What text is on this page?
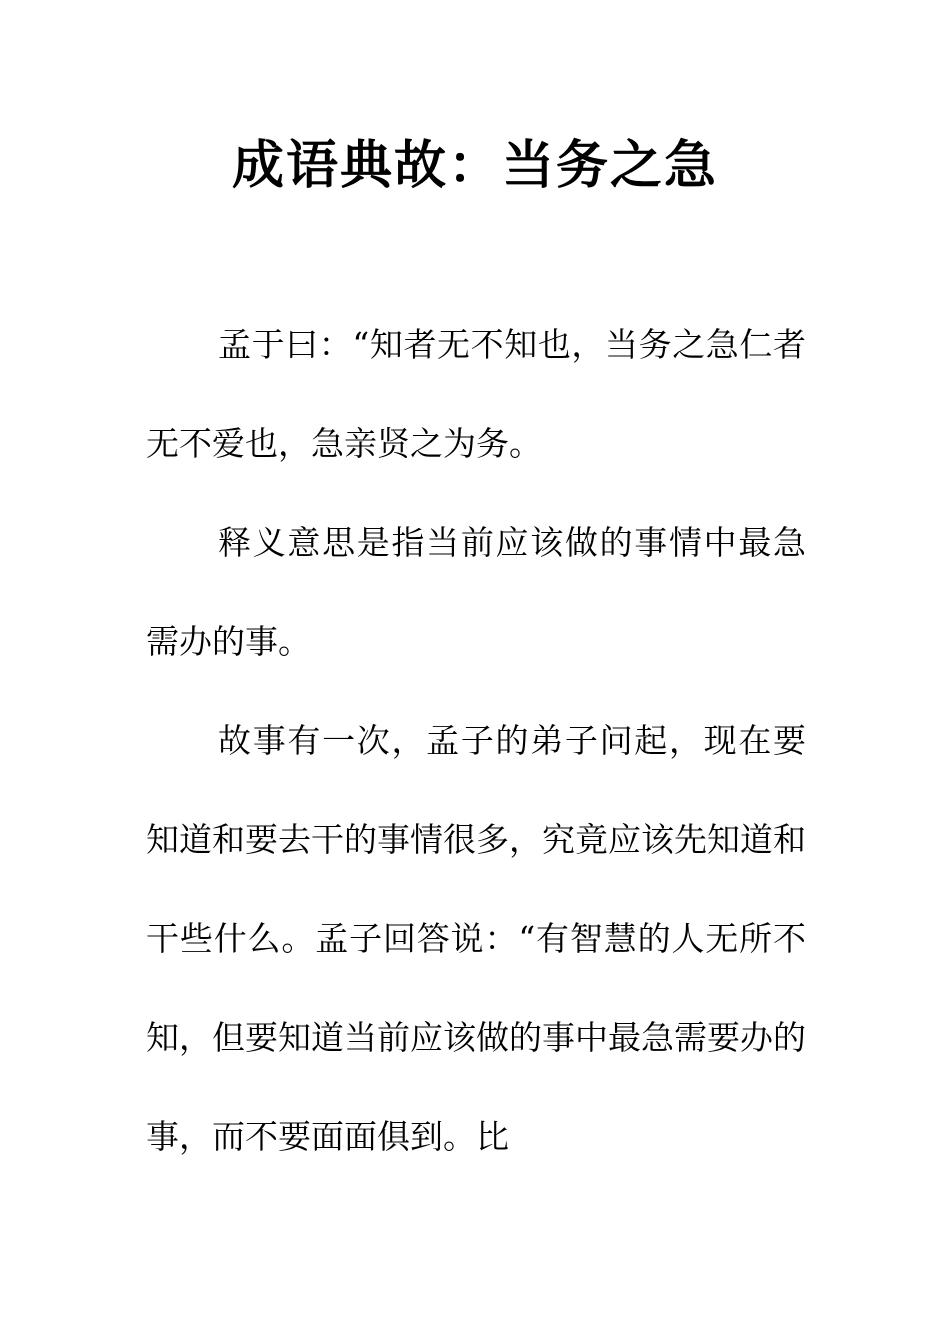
成语典故：当务之急

孟于曰：“知者无不知也，当务之急仁者无不爱也，急亲贤之为务。

释义意思是指当前应该做的事情中最急需办的事。

故事有一次，孟子的弟子问起，现在要知道和要去干的事情很多，究竟应该先知道和干些什么。孟子回答说：“有智慧的人无所不知，但要知道当前应该做的事中最急需要办的事，而不要面面俱到。比
